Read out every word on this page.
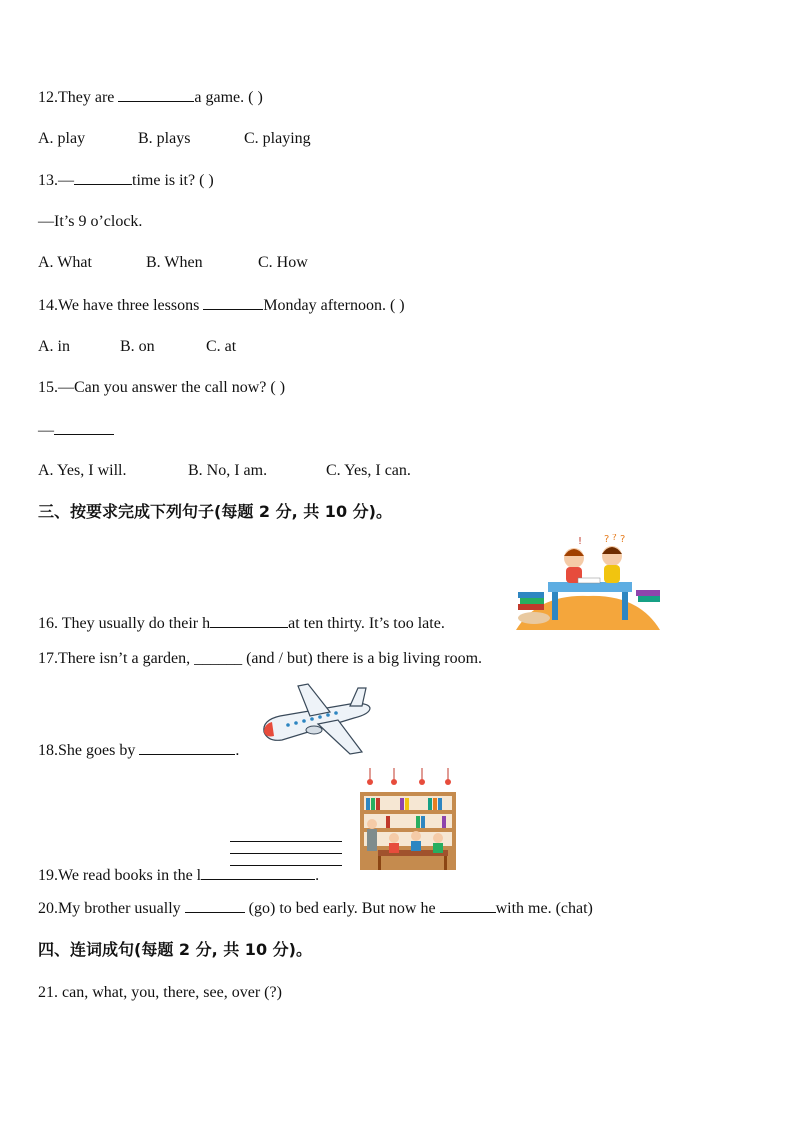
12.They are	a game. ( )
A. play	B. plays	C. playing
13.—	time is it? ( )
—It’s 9 o’clock.
A. What	B. When	C. How
14.We have three lessons	Monday afternoon. ( )
A. in	B. on	C. at
15.—Can you answer the call now? ( )
—
A. Yes, I will.	B. No, I am.	C. Yes, I can.
三、按要求完成下列句子(每题 2 分, 共 10 分)。
? ? ?
!
16. They usually do their h	at ten thirty. It’s too late.
17.There isn’t a garden, ______ (and / but) there is a big living room.
18.She goes by	.
19.We read books in the l	.
20.My brother usually	(go) to bed early. But now he	with me. (chat)
四、连词成句(每题 2 分, 共 10 分)。
21. can, what, you, there, see, over (?)
